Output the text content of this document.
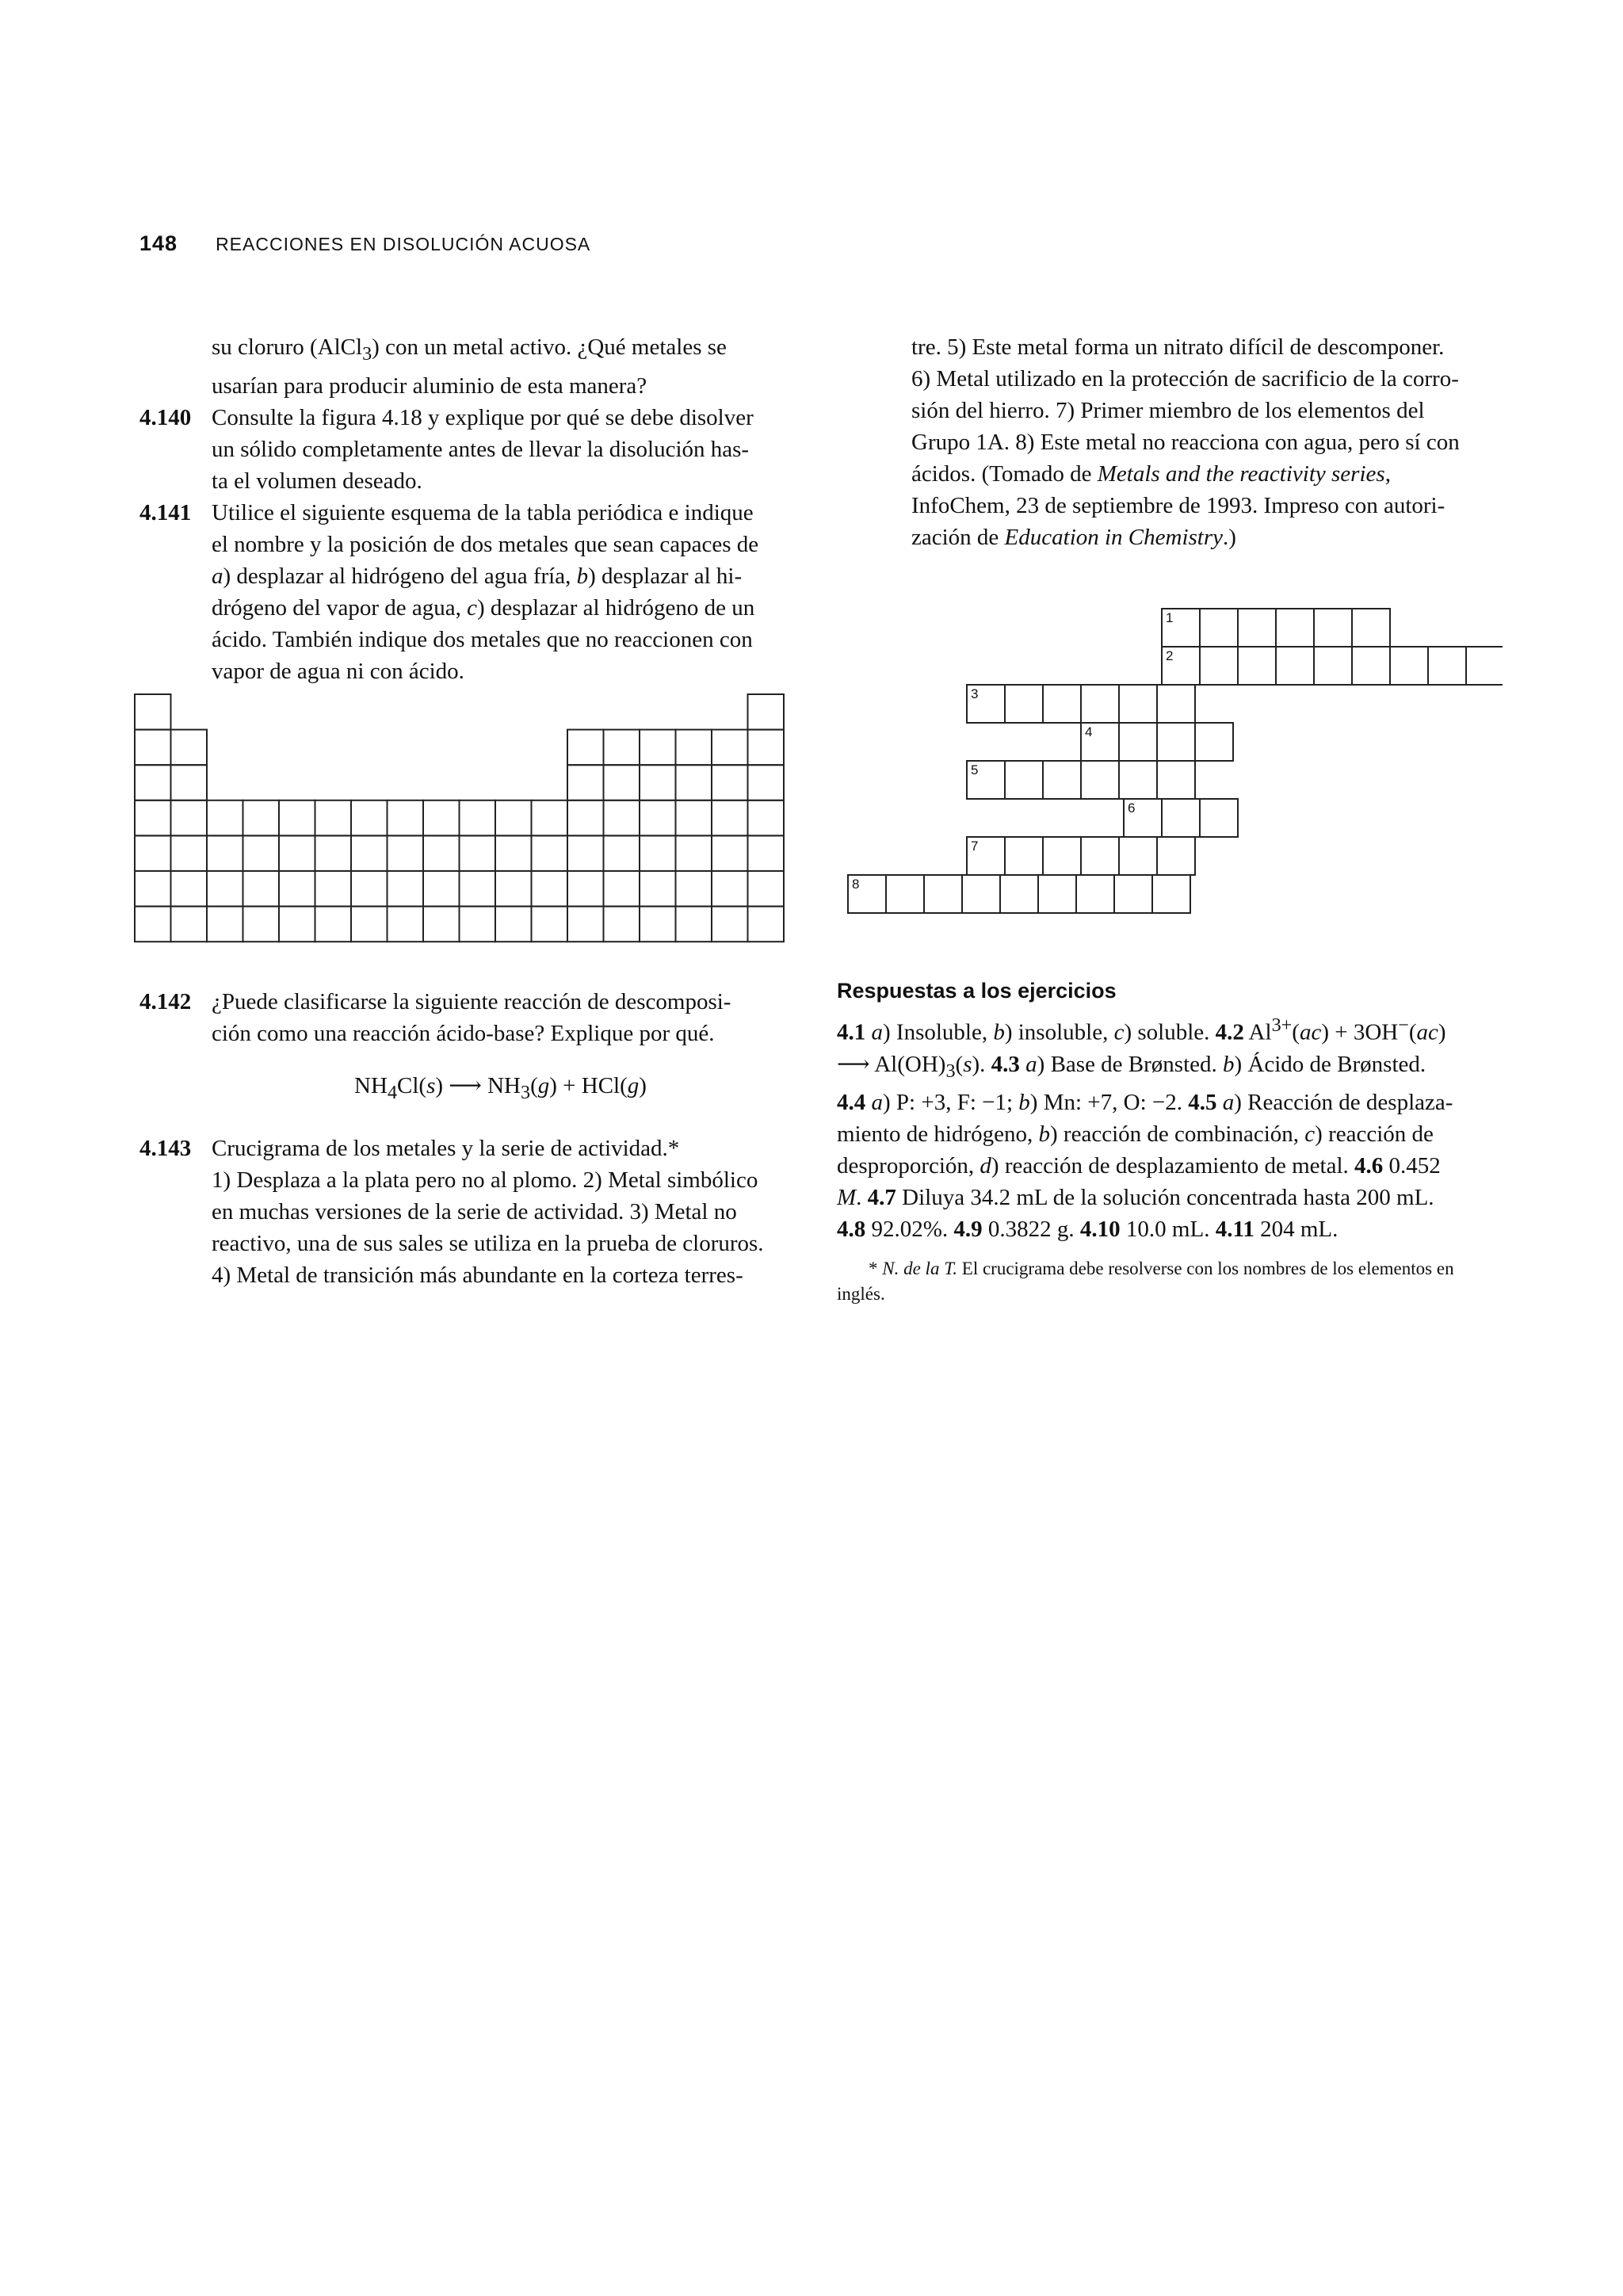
148 REACCIONES EN DISOLUCIÓN ACUOSA
su cloruro (AlCl$_3$) con un metal activo. ¿Qué metales se
usarían para producir aluminio de esta manera?
4.140 Consulte la figura 4.18 y explique por qué se debe disolver
un sólido completamente antes de llevar la disolución has-
ta el volumen deseado.
4.141 Utilice el siguiente esquema de la tabla periódica e indique
el nombre y la posición de dos metales que sean capaces de
a) desplazar al hidrógeno del agua fría, b) desplazar al hi-
drógeno del vapor de agua, c) desplazar al hidrógeno de un
ácido. También indique dos metales que no reaccionen con
vapor de agua ni con ácido.
tre. 5) Este metal forma un nitrato difícil de descomponer.
6) Metal utilizado en la protección de sacrificio de la corro-
sión del hierro. 7) Primer miembro de los elementos del
Grupo 1A. 8) Este metal no reacciona con agua, pero sí con
ácidos. (Tomado de Metals and the reactivity series,
InfoChem, 23 de septiembre de 1993. Impreso con autori-
zación de Education in Chemistry.)
1
2
3
4
5
6
7
8
4.142 ¿Puede clasificarse la siguiente reacción de descomposi-
ción como una reacción ácido-base? Explique por qué.
$NH_4Cl(s)$ ⟶ $NH_3(g) + HCl(g)$
4.143 Crucigrama de los metales y la serie de actividad.*
1) Desplaza a la plata pero no al plomo. 2) Metal simbólico
en muchas versiones de la serie de actividad. 3) Metal no
reactivo, una de sus sales se utiliza en la prueba de cloruros.
4) Metal de transición más abundante en la corteza terres-
Respuestas a los ejercicios
4.1 a) Insoluble, b) insoluble, c) soluble. 4.2 $Al^{3+}(ac) + 3OH^-(ac)$
⟶ $Al(OH)_3(s)$. 4.3 a) Base de Brønsted. b) Ácido de Brønsted.
4.4 a) P: +3, F: −1; b) Mn: +7, O: −2. 4.5 a) Reacción de desplaza-
miento de hidrógeno, b) reacción de combinación, c) reacción de
desproporción, d) reacción de desplazamiento de metal. 4.6 0.452
M. 4.7 Diluya 34.2 mL de la solución concentrada hasta 200 mL.
4.8 92.02%. 4.9 0.3822 g. 4.10 10.0 mL. 4.11 204 mL.
* N. de la T. El crucigrama debe resolverse con los nombres de los elementos en inglés.
